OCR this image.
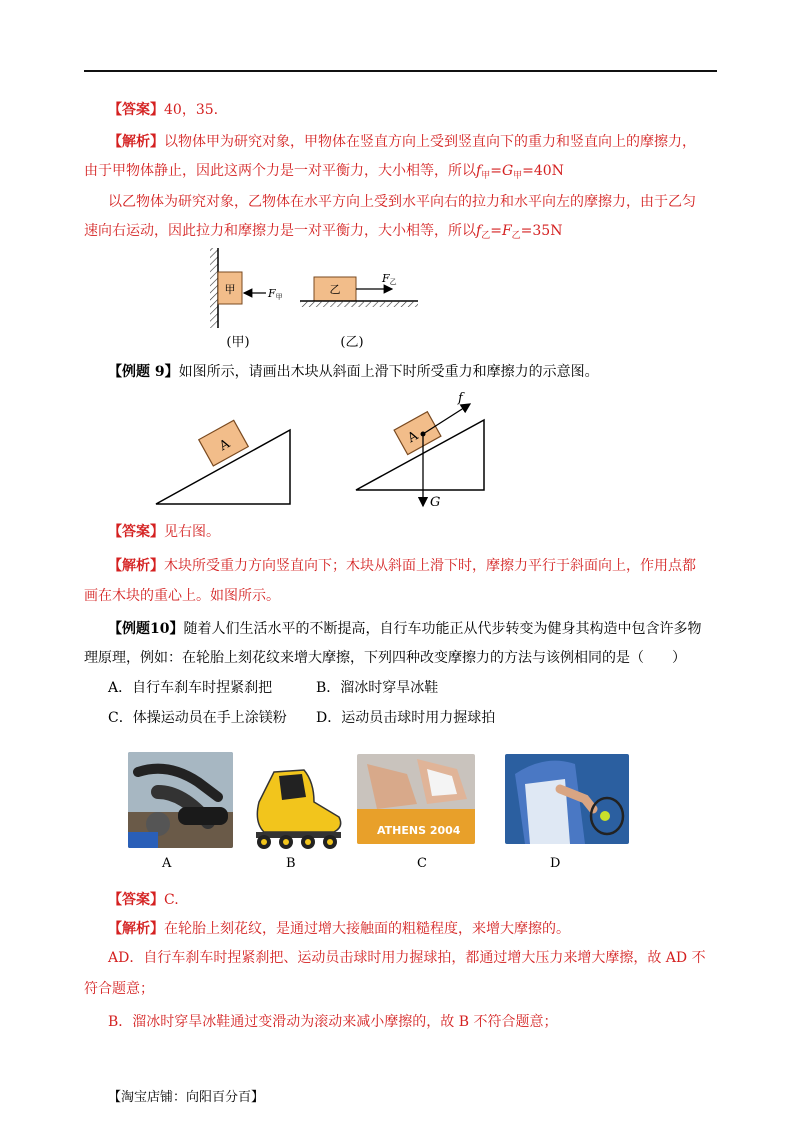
【答案】40，35.
【解析】以物体甲为研究对象，甲物体在竖直方向上受到竖直向下的重力和竖直向上的摩擦力，
由于甲物体静止，因此这两个力是一对平衡力，大小相等，所以$f_甲=G_甲=40N$
以乙物体为研究对象，乙物体在水平方向上受到水平向右的拉力和水平向左的摩擦力，由于乙匀
速向右运动，因此拉力和摩擦力是一对平衡力，大小相等，所以$f_乙=F_乙=35N$
甲	F甲
乙
F乙
(甲)	(乙)
【例题 9】如图所示，请画出木块从斜面上滑下时所受重力和摩擦力的示意图。
A	A
f
G
【答案】见右图。
【解析】木块所受重力方向竖直向下；木块从斜面上滑下时，摩擦力平行于斜面向上，作用点都
画在木块的重心上。如图所示。
【例题10】随着人们生活水平的不断提高，自行车功能正从代步转变为健身其构造中包含许多物
理原理，例如：在轮胎上刻花纹来增大摩擦，下列四种改变摩擦力的方法与该例相同的是（　　）
A．自行车刹车时捏紧刹把	B．溜冰时穿旱冰鞋
C．体操运动员在手上涂镁粉 D．运动员击球时用力握球拍
ATHENS 2004
A	B	C	D
【答案】C.
【解析】在轮胎上刻花纹，是通过增大接触面的粗糙程度，来增大摩擦的。
AD．自行车刹车时捏紧刹把、运动员击球时用力握球拍，都通过增大压力来增大摩擦，故 AD 不
符合题意；
B．溜冰时穿旱冰鞋通过变滑动为滚动来减小摩擦的，故 B 不符合题意；
【淘宝店铺：向阳百分百】
